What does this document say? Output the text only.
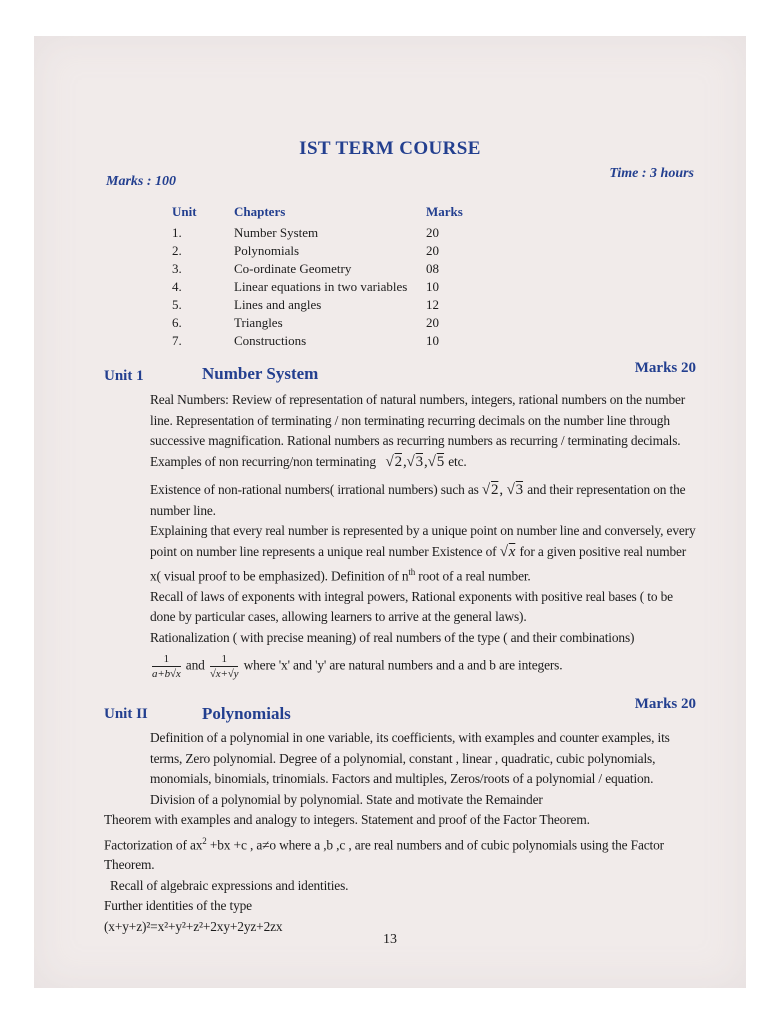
IST TERM COURSE
Marks : 100
Time : 3 hours
Unit	Chapters	Marks
1.	Number System	20
2.	Polynomials	20
3.	Co-ordinate Geometry	08
4.	Linear equations in two variables	10
5.	Lines and angles	12
6.	Triangles	20
7.	Constructions	10
Unit 1	Number System	Marks 20

Real Numbers: Review of representation of natural numbers, integers, rational numbers on the number line. Representation of terminating / non terminating recurring decimals on the number line through successive magnification. Rational numbers as recurring numbers as recurring / terminating decimals. Examples of non recurring/non terminating √2,√3,√5 etc.

Existence of non-rational numbers( irrational numbers) such as √2, √3 and their representation on the number line.

Explaining that every real number is represented by a unique point on number line and conversely, every point on number line represents a unique real number Existence of √x for a given positive real number x( visual proof to be emphasized). Definition of $n^{th}$ root of a real number.

Recall of laws of exponents with integral powers, Rational exponents with positive real bases ( to be done by particular cases, allowing learners to arrive at the general laws).

Rationalization ( with precise meaning) of real numbers of the type ( and their combinations)

$\frac{1}{a+b√x}$ and $\frac{1}{√x+√y}$ where 'x' and 'y' are natural numbers and a and b are integers.

Unit II	Polynomials	Marks 20

Definition of a polynomial in one variable, its coefficients, with examples and counter examples, its terms, Zero polynomial. Degree of a polynomial, constant , linear , quadratic, cubic polynomials, monomials, binomials, trinomials. Factors and multiples, Zeros/roots of a polynomial / equation. Division of a polynomial by polynomial. State and motivate the Remainder

Theorem with examples and analogy to integers. Statement and proof of the Factor Theorem.

Factorization of $ax^2 +bx +c$ , a≠o where a ,b ,c , are real numbers and of cubic polynomials using the Factor Theorem.

Recall of algebraic expressions and identities.

Further identities of the type

(x+y+z)²=x²+y²+z²+2xy+2yz+2zx

13
